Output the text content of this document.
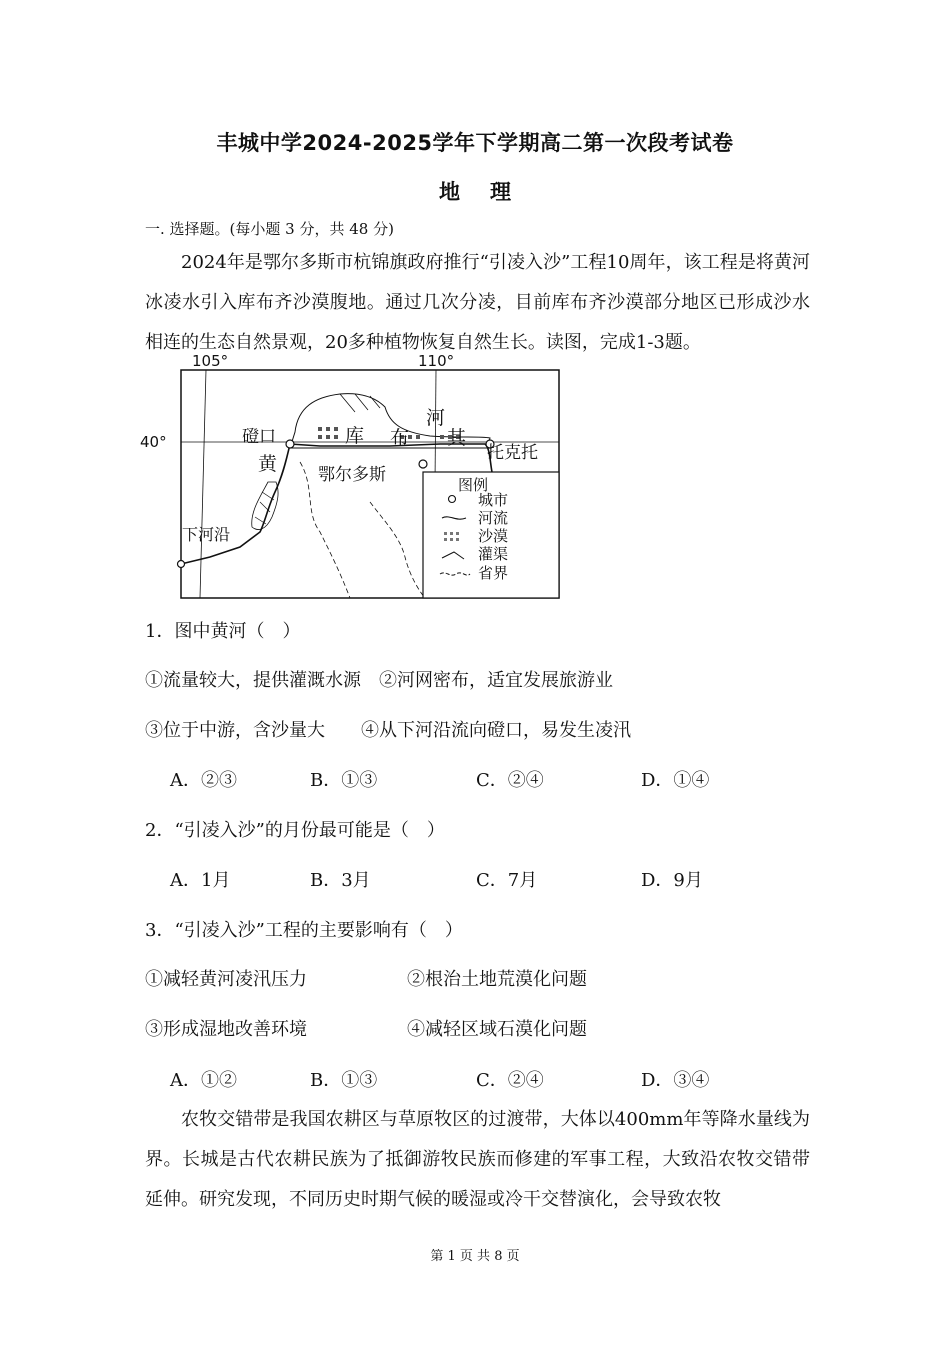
丰城中学2024-2025学年下学期高二第一次段考试卷
地理
一. 选择题。(每小题 3 分，共 48 分)
2024年是鄂尔多斯市杭锦旗政府推行“引凌入沙”工程10周年，该工程是将黄河冰凌水引入库布齐沙漠腹地。通过几次分凌，目前库布齐沙漠部分地区已形成沙水相连的生态自然景观，20多种植物恢复自然生长。读图，完成1-3题。
105°	110°
40°	磴口	库 布 其
河
托克托
黄 鄂尔多斯
下河沿
图例
城市
河流
沙漠
灌渠
省界
1．图中黄河（　）
①流量较大，提供灌溉水源　②河网密布，适宜发展旅游业
③位于中游，含沙量大　　④从下河沿流向磴口，易发生凌汛
A．②③	B．①③	C．②④	D．①④
2．“引凌入沙”的月份最可能是（　）
A．1月	B．3月	C．7月	D．9月
3．“引凌入沙”工程的主要影响有（　）
①减轻黄河凌汛压力	②根治土地荒漠化问题
③形成湿地改善环境	④减轻区域石漠化问题
A．①②	B．①③	C．②④	D．③④
农牧交错带是我国农耕区与草原牧区的过渡带，大体以400mm年等降水量线为界。长城是古代农耕民族为了抵御游牧民族而修建的军事工程，大致沿农牧交错带延伸。研究发现，不同历史时期气候的暖湿或冷干交替演化，会导致农牧
第 1 页 共 8 页
